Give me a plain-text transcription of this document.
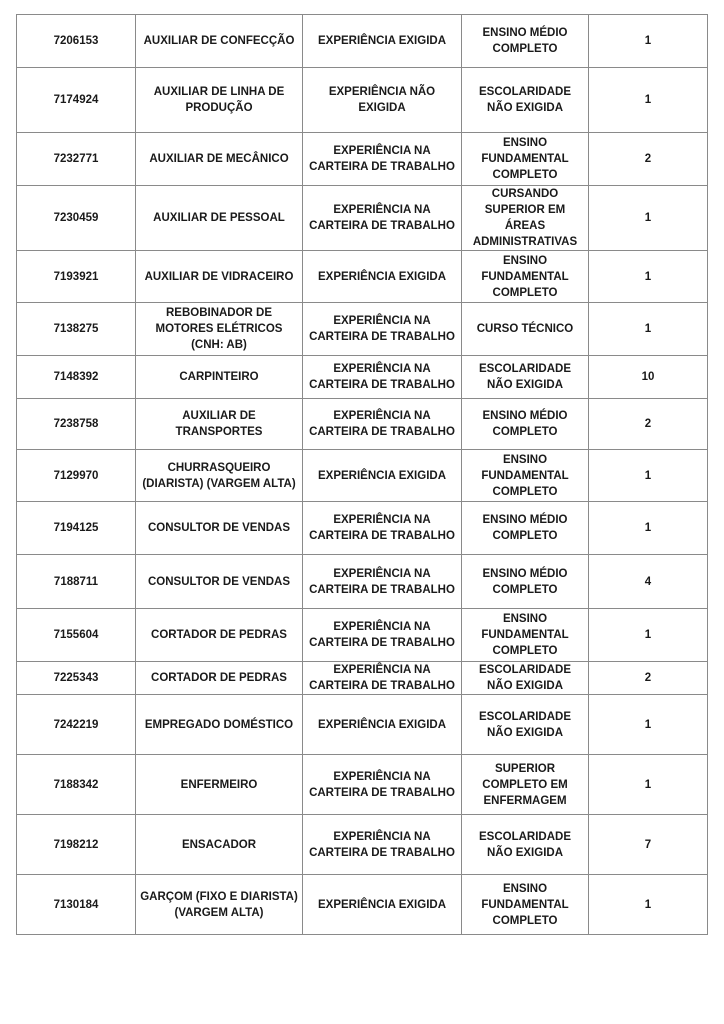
7206153	AUXILIAR DE CONFECÇÃO	EXPERIÊNCIA EXIGIDA	ENSINO MÉDIO COMPLETO	1
7174924	AUXILIAR DE LINHA DE PRODUÇÃO	EXPERIÊNCIA NÃO EXIGIDA	ESCOLARIDADE NÃO EXIGIDA	1
7232771	AUXILIAR DE MECÂNICO	EXPERIÊNCIA NA CARTEIRA DE TRABALHO	ENSINO FUNDAMENTAL COMPLETO	2
7230459	AUXILIAR DE PESSOAL	EXPERIÊNCIA NA CARTEIRA DE TRABALHO	CURSANDO SUPERIOR EM ÁREAS ADMINISTRATIVAS	1
7193921	AUXILIAR DE VIDRACEIRO	EXPERIÊNCIA EXIGIDA	ENSINO FUNDAMENTAL COMPLETO	1
7138275	REBOBINADOR DE MOTORES ELÉTRICOS (CNH: AB)	EXPERIÊNCIA NA CARTEIRA DE TRABALHO	CURSO TÉCNICO	1
7148392	CARPINTEIRO	EXPERIÊNCIA NA CARTEIRA DE TRABALHO	ESCOLARIDADE NÃO EXIGIDA	10
7238758	AUXILIAR DE TRANSPORTES	EXPERIÊNCIA NA CARTEIRA DE TRABALHO	ENSINO MÉDIO COMPLETO	2
7129970	CHURRASQUEIRO (DIARISTA) (VARGEM ALTA)	EXPERIÊNCIA EXIGIDA	ENSINO FUNDAMENTAL COMPLETO	1
7194125	CONSULTOR DE VENDAS	EXPERIÊNCIA NA CARTEIRA DE TRABALHO	ENSINO MÉDIO COMPLETO	1
7188711	CONSULTOR DE VENDAS	EXPERIÊNCIA NA CARTEIRA DE TRABALHO	ENSINO MÉDIO COMPLETO	4
7155604	CORTADOR DE PEDRAS	EXPERIÊNCIA NA CARTEIRA DE TRABALHO	ENSINO FUNDAMENTAL COMPLETO	1
7225343	CORTADOR DE PEDRAS	EXPERIÊNCIA NA CARTEIRA DE TRABALHO	ESCOLARIDADE NÃO EXIGIDA	2
7242219	EMPREGADO DOMÉSTICO	EXPERIÊNCIA EXIGIDA	ESCOLARIDADE NÃO EXIGIDA	1
7188342	ENFERMEIRO	EXPERIÊNCIA NA CARTEIRA DE TRABALHO	SUPERIOR COMPLETO EM ENFERMAGEM	1
7198212	ENSACADOR	EXPERIÊNCIA NA CARTEIRA DE TRABALHO	ESCOLARIDADE NÃO EXIGIDA	7
7130184	GARÇOM (FIXO E DIARISTA) (VARGEM ALTA)	EXPERIÊNCIA EXIGIDA	ENSINO FUNDAMENTAL COMPLETO	1
